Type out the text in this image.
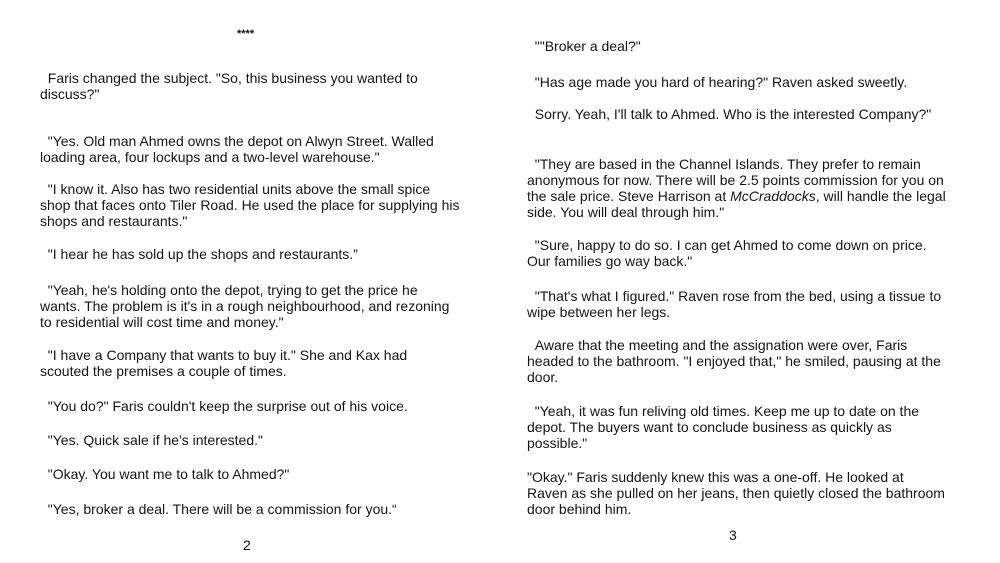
****

Faris changed the subject. "So, this business you wanted to discuss?"

"Yes. Old man Ahmed owns the depot on Alwyn Street. Walled loading area, four lockups and a two-level warehouse."

"I know it. Also has two residential units above the small spice shop that faces onto Tiler Road. He used the place for supplying his shops and restaurants."

"I hear he has sold up the shops and restaurants.”

"Yeah, he's holding onto the depot, trying to get the price he wants. The problem is it's in a rough neighbourhood, and rezoning to residential will cost time and money."

"I have a Company that wants to buy it." She and Kax had scouted the premises a couple of times.

"You do?" Faris couldn't keep the surprise out of his voice.

"Yes. Quick sale if he's interested."

"Okay. You want me to talk to Ahmed?"

"Yes, broker a deal. There will be a commission for you.“

2

""Broker a deal?"

"Has age made you hard of hearing?" Raven asked sweetly.

Sorry. Yeah, I'll talk to Ahmed. Who is the interested Company?"

"They are based in the Channel Islands. They prefer to remain anonymous for now. There will be 2.5 points commission for you on the sale price. Steve Harrison at McCraddocks, will handle the legal side. You will deal through him."

"Sure, happy to do so. I can get Ahmed to come down on price. Our families go way back."

"That's what I figured." Raven rose from the bed, using a tissue to wipe between her legs.

Aware that the meeting and the assignation were over, Faris headed to the bathroom. "I enjoyed that," he smiled, pausing at the door.

"Yeah, it was fun reliving old times. Keep me up to date on the depot. The buyers want to conclude business as quickly as possible."

"Okay." Faris suddenly knew this was a one-off. He looked at Raven as she pulled on her jeans, then quietly closed the bathroom door behind him.

3
